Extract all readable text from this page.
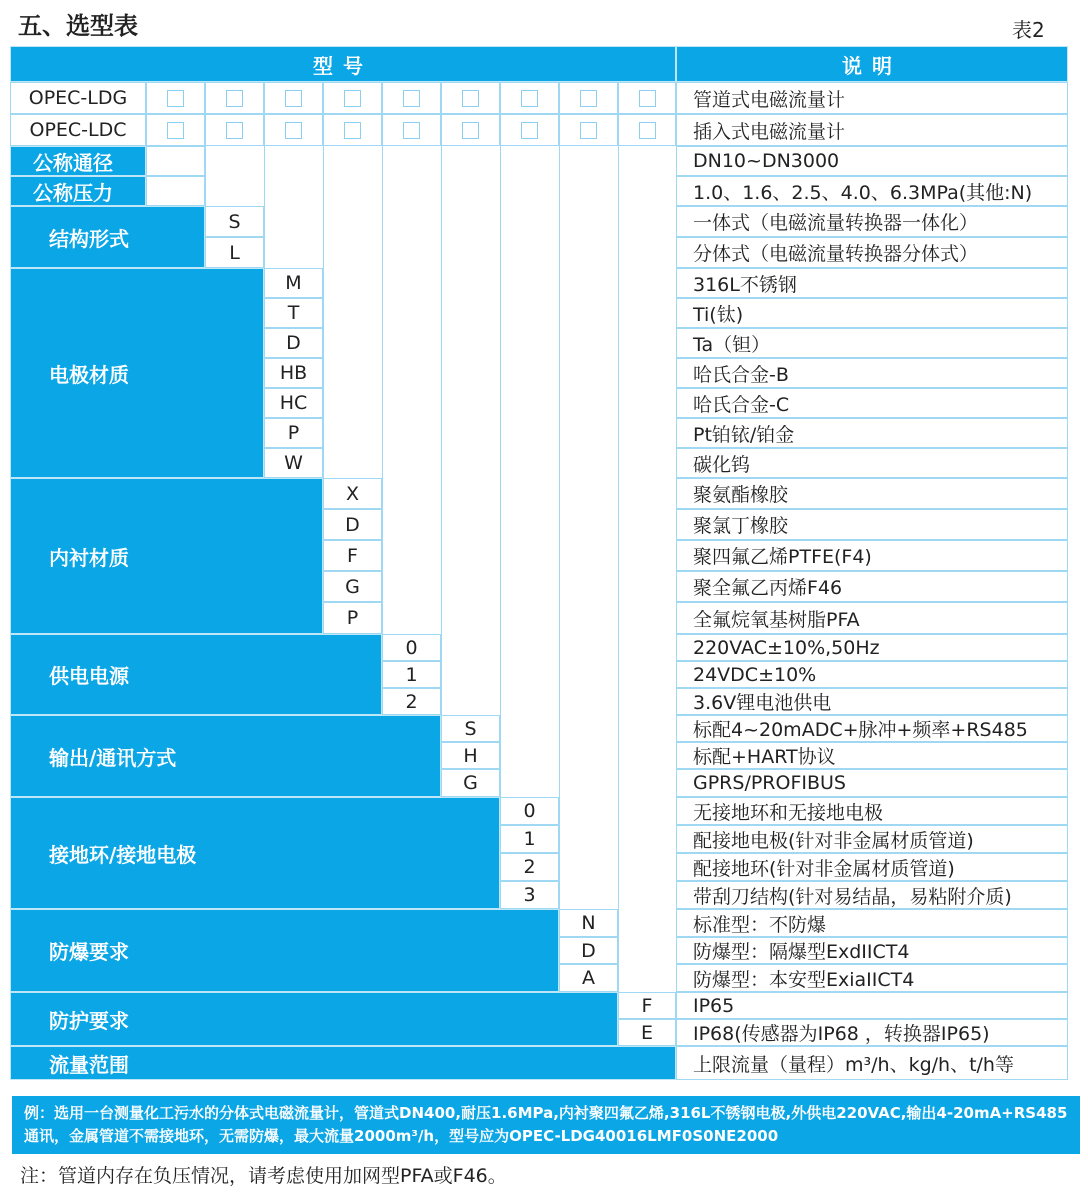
五、选型表	表2
型号	说明
OPEC-LDG	管道式电磁流量计
OPEC-LDC	插入式电磁流量计
公称通径	DN10~DN3000
公称压力	1.0、1.6、2.5、4.0、6.3MPa(其他:N)
结构形式
S	一体式（电磁流量转换器一体化）
L	分体式（电磁流量转换器分体式）
电极材质
M	316L不锈钢
T	Ti(钛)
D	Ta（钽）
HB	哈氏合金-B
HC	哈氏合金-C
P	Pt铂铱/铂金
W	碳化钨
内衬材质
X	聚氨酯橡胶
D	聚氯丁橡胶
F	聚四氟乙烯PTFE(F4)
G	聚全氟乙丙烯F46
P	全氟烷氧基树脂PFA
供电电源
0	220VAC±10%,50Hz
1	24VDC±10%
2	3.6V锂电池供电
输出/通讯方式
S	标配4~20mADC+脉冲+频率+RS485
H	标配+HART协议
G	GPRS/PROFIBUS
接地环/接地电极
0	无接地环和无接地电极
1	配接地电极(针对非金属材质管道)
2	配接地环(针对非金属材质管道)
3	带刮刀结构(针对易结晶，易粘附介质)
防爆要求
N	标准型：不防爆
D	防爆型：隔爆型ExdIICT4
A	防爆型：本安型ExiaIICT4
防护要求
F	IP65
E	IP68(传感器为IP68 ，转换器IP65)
流量范围	上限流量（量程）m³/h、kg/h、t/h等
例：选用一台测量化工污水的分体式电磁流量计，管道式DN400,耐压1.6MPa,内衬聚四氟乙烯,316L不锈钢电极,外供电220VAC,输出4-20mA+RS485通讯，金属管道不需接地环，无需防爆，最大流量2000m³/h，型号应为OPEC-LDG40016LMF0S0NE2000
注：管道内存在负压情况，请考虑使用加网型PFA或F46。
